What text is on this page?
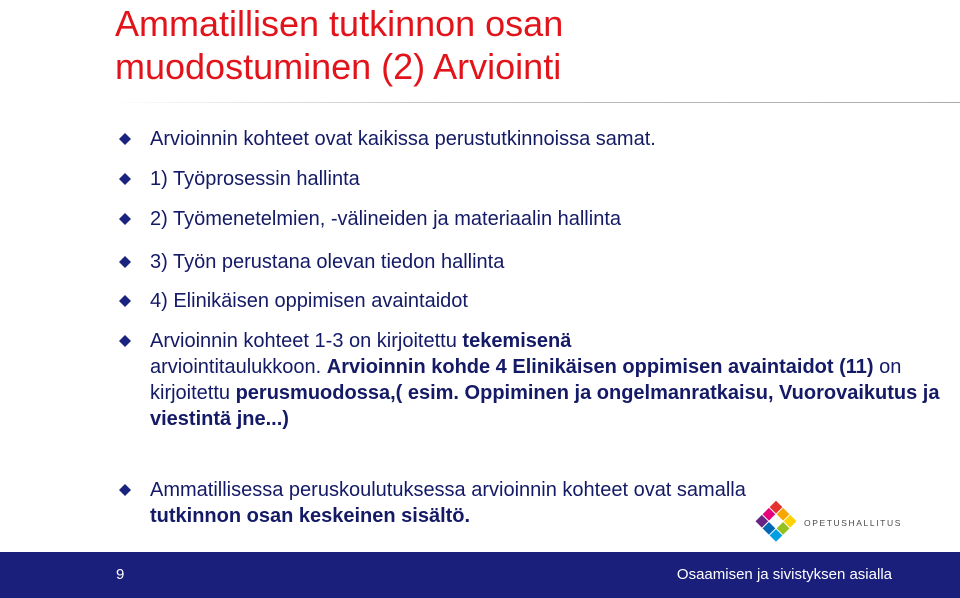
Ammatillisen tutkinnon osan muodostuminen (2) Arviointi
Arvioinnin kohteet ovat kaikissa perustutkinnoissa samat.
1) Työprosessin hallinta
2) Työmenetelmien, -välineiden ja materiaalin hallinta
3) Työn perustana olevan tiedon hallinta
4) Elinikäisen oppimisen avaintaidot
Arvioinnin kohteet 1-3 on kirjoitettu tekemisenä
arviointitaulukkoon. Arvioinnin kohde 4 Elinikäisen oppimisen avaintaidot (11) on kirjoitettu perusmuodossa,( esim. Oppiminen ja ongelmanratkaisu, Vuorovaikutus ja viestintä jne...)
Ammatillisessa peruskoulutuksessa arvioinnin kohteet ovat samalla
tutkinnon osan keskeinen sisältö.	OPETUSHALLITUS
9	Osaamisen ja sivistyksen asialla
